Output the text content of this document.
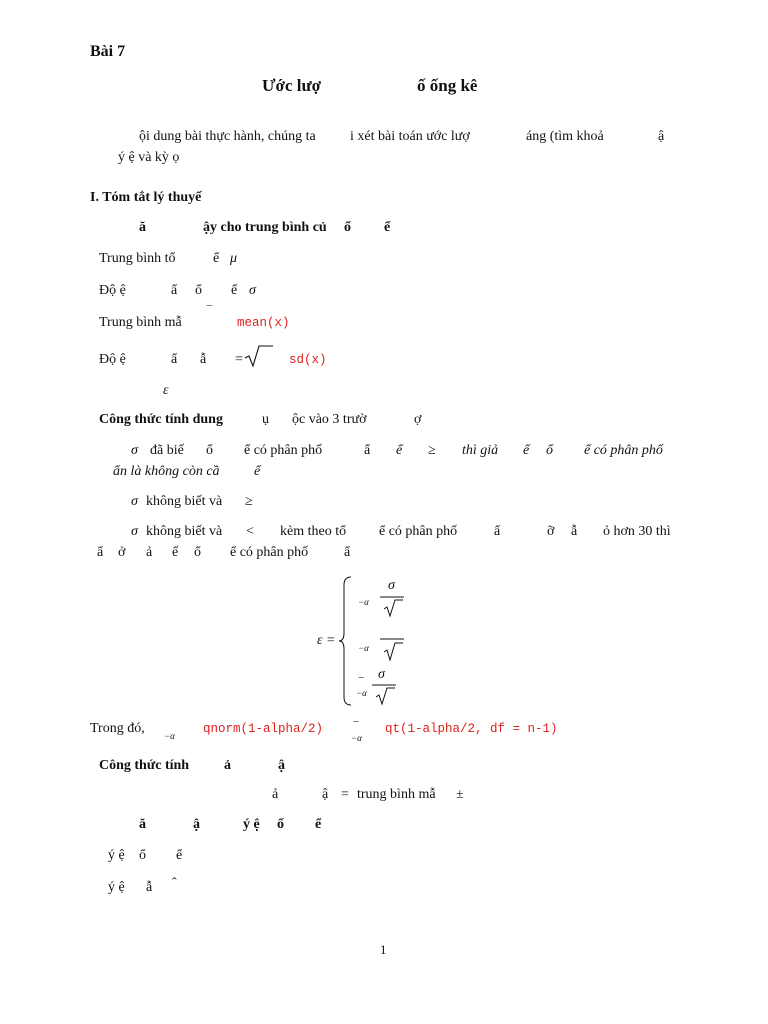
Bài 7
Ước lượ	ố ống kê
ội dung bài thực hành, chúng ta i xét bài toán ước lượ	áng (tìm khoả	ậ
ý ệ và kỳ ọ
I. Tóm tắt lý thuyế
ă	ậy cho trung bình củ ổ ể
Trung bình tổ	ể μ
Độ ệ	ẩ ổ ể σ
Trung bình mẫ
‾
mean(x)
Độ ệ	ẩ ẫ =	sd(x)
ε
Công thức tính dung	ụ ộc vào 3 trườ	ợ
σ đã biế ổ ể có phân phố	ẩ ể ≥ thì giả ể ổ ể có phân phố
ẩn là không còn cầ ể
σ không biết và ≥
σ không biết và < kèm theo tổ ể có phân phố	ẩ	ỡ ẫ ỏ hơn 30 thì
ẩ ở ả ế ổ ể có phân phố	ẩ
ε =
−α
σ
−α
−
−α
σ
Trong đó, −α qnorm(1-alpha/2)	−
−α
qt(1-alpha/2, df = n-1)
Công thức tính ả	ậ
ả	ậ = trung bình mẫ ±
ă	ậ	ý ệ ổ ể
ý ệ ổ ể
ý ệ ẫ ˆ
1
